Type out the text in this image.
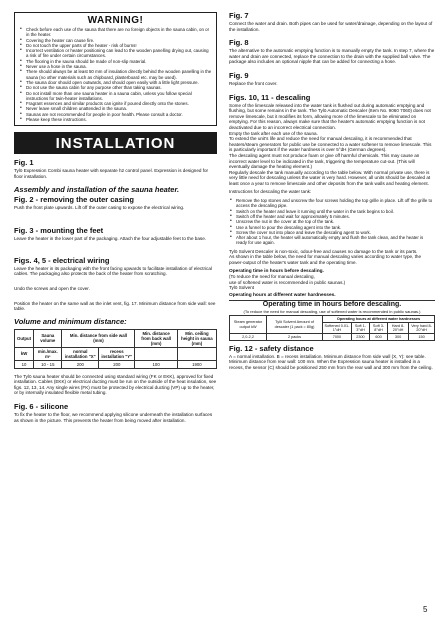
WARNING!
• Check before each use of the sauna that there are no foreign objects in the sauna cabin, on or in the heater.
• Covering the heater can cause fire.
• Do not touch the upper parts of the heater - risk of burns!
• Incorrect ventilation or heater positioning can lead to the wooden panelling drying out, causing a risk of fire under certain circumstances.
• The flooring in the sauna should be made of non-slip material.
• Never use a hose in the sauna.
• There should always be at least 50 mm of insulation directly behind the wooden panelling in the sauna (no other materials such as chipboard, plasterboard etc. may be used).
• The sauna door should open outwards, and should open easily with a little light pressure.
• Do not use the sauna cabin for any purpose other than taking saunas.
• Do not install more than one sauna heater in a sauna cabin, unless you follow special instructions for twin-heater installations.
• Fragrant essences and similar products can ignite if poured directly onto the stones.
• Never leave small children unattended in the sauna.
• Saunas are not recommended for people in poor health. Please consult a doctor.
• Please keep these instructions.
INSTALLATION
Fig. 1
Tylö Expression Combi sauna heater with separate h2 control panel. Expression is designed for floor installation.
Assembly and installation of the sauna heater.
Fig. 2 - removing the outer casing
Push the front plate upwards. Lift off the outer casing to expose the electrical wiring.
Fig. 3 - mounting the feet
Leave the heater in the lower part of the packaging. Attach the four adjustable feet to the base.
Figs. 4, 5 - electrical wiring
Leave the heater in its packaging with the front facing upwards to facilitate installation of electrical cables. The packaging also protects the back of the heater from scratching.
Undo the screws and open the cover.
Position the heater on the same wall as the inlet vent, fig. 17. Minimum distance from side wall: see table.
Volume and minimum distance:
Output	Sauna volume	Min. distance from side wall (mm)		Min. distance from back wall (mm)	Min. ceiling height in sauna (mm)
kW	min./max. m³	normal installation "X"	recess installation "Y"		
10	10 - 15	200	200	100	1900
The Tylö sauna heater should be connected using standard wiring (FK or EKK), approved for fixed installation. Cables (EKK) or electrical ducting must be run on the outside of the heat insulation, see figs. 12, 13, 14. Any single wires (FK) must be protected by electrical ducting (VP) up to the heater, or by internally insulated flexible metal tubing.
Fig. 6 - silicone
To fix the heater to the floor, we recommend applying silicone underneath the installation surfaces as shown in the picture. This prevents the heater from being moved after installation.
Fig. 7
Connect the water and drain. Both pipes can be used for water/drainage, depending on the layout of the installation.
Fig. 8
The alternative to the automatic emptying function is to manually empty the tank. In step 7, where the water and drain are connected, replace the connection to the drain with the supplied ball valve. The package also includes an optional nipple that can be added for connecting a hose.
Fig. 9
Replace the front cover.
Figs. 10, 11 - descaling
Some of the limescale released into the water tank is flushed out during automatic emptying and flushing, but some remains in the tank. The Tylö Automatic Descaler (Item No. 9060 7060) does not remove limescale, but it modifies its form, allowing more of the limescale to be eliminated on emptying. For this reason, always make sure that the heater's automatic emptying function is not deactivated due to an incorrect electrical connection.
Empty the tank after each use of the sauna.
To extend the unit's life and reduce the need for manual descaling, it is recommended that heaters/steam generators for public use be connected to a water softener to remove limescale. This is particularly important if the water hardness is over 5°dH (German degrees).
The descaling agent must not produce foam or give off harmful chemicals. This may cause an incorrect water level to be indicated in the tank, triggering the temperature cut-out. (This will eventually damage the heating element.)
Regularly descale the tank manually according to the table below. With normal private use, there is very little need for descaling unless the water is very hard. However, all units should be descaled at least once a year to remove limescale and other deposits from the tank walls and heating element.
Instructions for descaling the water tank:
• Remove the top stones and unscrew the four screws holding the top grille in place. Lift off the grille to access the descaling pipe.
• Switch on the heater and leave it running until the water in the tank begins to boil.
• Switch off the heater and wait for approximately 5 minutes.
• Unscrew the nut in the cover at the top of the tank.
• Use a funnel to pour the descaling agent into the tank.
• Screw the cover nut into place and leave the descaling agent to work.
• After about 1 hour, the heater will automatically empty and flush the tank clean, and the heater is ready for use again.
Tylö Solvent Descaler is non-toxic, odour-free and causes no damage to the tank or its parts.
As shown in the table below, the need for manual descaling varies according to water type, the power-output of the heater's water tank and the operating time.
Operating time in hours before descaling.
(To reduce the need for manual descaling,
use of softened water is recommended in public saunas.)
Tylö Solvent
Operating hours at different water hardnesses.
Operating time in hours before descaling.
(To reduce the need for manual descaling, use of softened water is recommended in public saunas.)
Steam generator output kW	Tylö Solvent Amount of descaler (1 pack = 80g)	Operating hours at different water hardnesses				
		Softened 0.01-1°dH	Soft 1-3°dH	Soft 3-8°dH	Hard 8-20°dH	Very hard 8-20°dH
2,0-2,2	2 packs	7000	2300	600	300	150
Fig. 12 - safety distance
A = normal installation. B = recess installation. Minimum distance from side wall (X, Y): see table. Minimum distance from rear wall: 100 mm. When the Expression sauna heater is installed in a recess, the sensor (C) should be positioned 250 mm from the rear wall and 300 mm from the ceiling.
5
